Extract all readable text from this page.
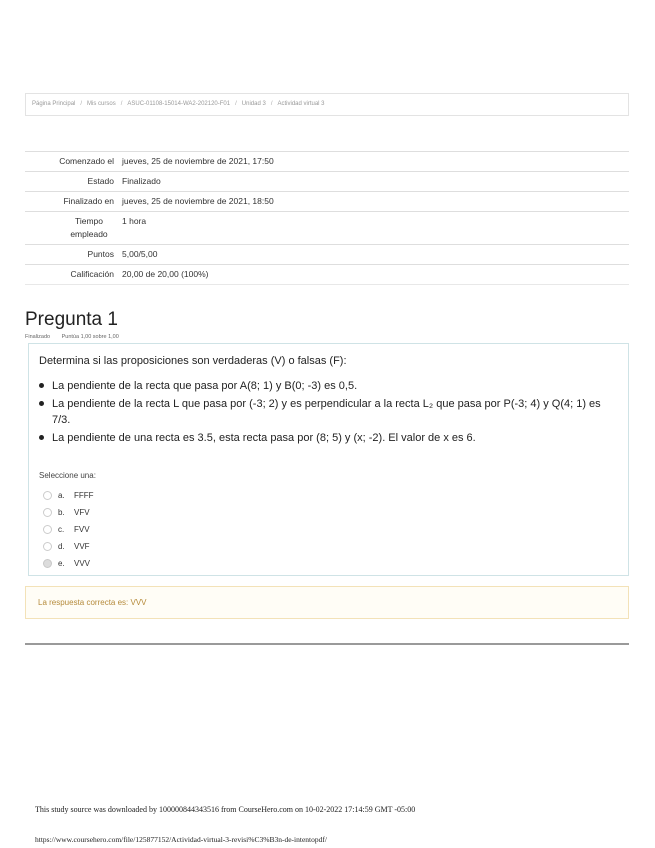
Página Principal / Mis cursos / ASUC-01108-15014-WA2-202120-F01 / Unidad 3 / Actividad virtual 3
Comenzado el	jueves, 25 de noviembre de 2021, 17:50
Estado	Finalizado
Finalizado en	jueves, 25 de noviembre de 2021, 18:50
Tiempo empleado	1 hora
Puntos	5,00/5,00
Calificación	20,00 de 20,00 (100%)
Pregunta 1
Finalizado Puntúa 1,00 sobre 1,00
Determina si las proposiciones son verdaderas (V) o falsas (F):
La pendiente de la recta que pasa por A(8; 1) y B(0; -3) es 0,5.
La pendiente de la recta L que pasa por (-3; 2) y es perpendicular a la recta L₂ que pasa por P(-3; 4) y Q(4; 1) es 7/3.
La pendiente de una recta es 3.5, esta recta pasa por (8; 5) y (x; -2). El valor de x es 6.
Seleccione una:
a.	FFFF
b.	VFV
c.	FVV
d.	VVF
e.	VVV
La respuesta correcta es: VVV
This study source was downloaded by 100000844343516 from CourseHero.com on 10-02-2022 17:14:59 GMT -05:00
https://www.coursehero.com/file/125877152/Actividad-virtual-3-revisi%C3%B3n-de-intentopdf/
